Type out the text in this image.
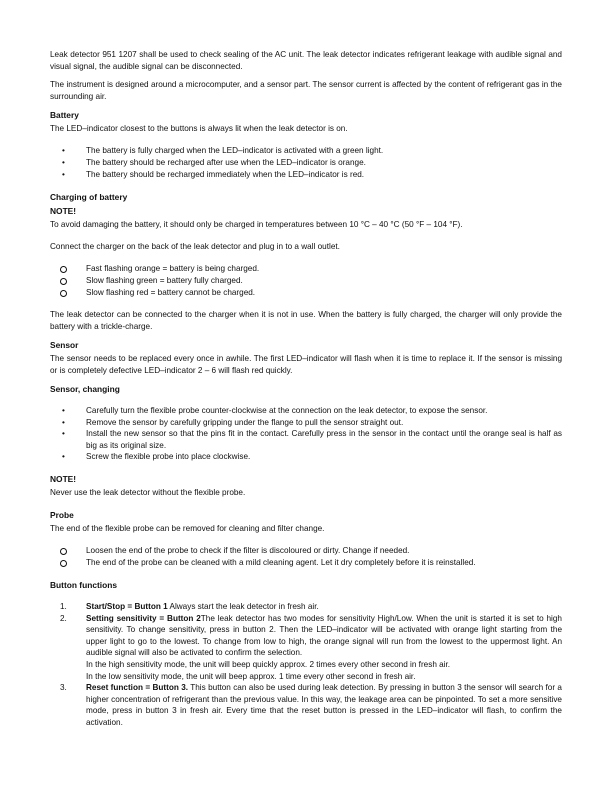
Leak detector 951 1207 shall be used to check sealing of the AC unit. The leak detector indicates refrigerant leakage with audible signal and visual signal, the audible signal can be disconnected.

The instrument is designed around a microcomputer, and a sensor part. The sensor current is affected by the content of refrigerant gas in the surrounding air.

Battery

The LED–indicator closest to the buttons is always lit when the leak detector is on.

• The battery is fully charged when the LED–indicator is activated with a green light.
• The battery should be recharged after use when the LED–indicator is orange.
• The battery should be recharged immediately when the LED–indicator is red.
Charging of battery
NOTE!

To avoid damaging the battery, it should only be charged in temperatures between 10 °C – 40 °C (50 °F – 104 °F).

Connect the charger on the back of the leak detector and plug in to a wall outlet.

Fast flashing orange = battery is being charged.
Slow flashing green = battery fully charged.
Slow flashing red = battery cannot be charged.

The leak detector can be connected to the charger when it is not in use. When the battery is fully charged, the charger will only provide the battery with a trickle-charge.

Sensor

The sensor needs to be replaced every once in awhile. The first LED–indicator will flash when it is time to replace it. If the sensor is missing or is completely defective LED–indicator 2 – 6 will flash red quickly.

Sensor, changing
• Carefully turn the flexible probe counter-clockwise at the connection on the leak detector, to expose the sensor.
• Remove the sensor by carefully gripping under the flange to pull the sensor straight out.
• Install the new sensor so that the pins fit in the contact. Carefully press in the sensor in the contact until the orange seal is half as big as its original size.
• Screw the flexible probe into place clockwise.
NOTE!

Never use the leak detector without the flexible probe.

Probe

The end of the flexible probe can be removed for cleaning and filter change.

Loosen the end of the probe to check if the filter is discoloured or dirty. Change if needed.
The end of the probe can be cleaned with a mild cleaning agent. Let it dry completely before it is reinstalled.
Button functions
1. Start/Stop = Button 1 Always start the leak detector in fresh air.
2. Setting sensitivity = Button 2The leak detector has two modes for sensitivity High/Low. When the unit is started it is set to high sensitivity. To change sensitivity, press in button 2. Then the LED–indicator will be activated with orange light starting from the upper light to go to the lowest. To change from low to high, the orange signal will run from the lowest to the uppermost light. An audible signal will also be activated to confirm the selection.
In the high sensitivity mode, the unit will beep quickly approx. 2 times every other second in fresh air.
In the low sensitivity mode, the unit will beep approx. 1 time every other second in fresh air.
3. Reset function = Button 3. This button can also be used during leak detection. By pressing in button 3 the sensor will search for a higher concentration of refrigerant than the previous value. In this way, the leakage area can be pinpointed. To set a more sensitive mode, press in button 3 in fresh air. Every time that the reset button is pressed in the LED–indicator will flash, to confirm the activation.
